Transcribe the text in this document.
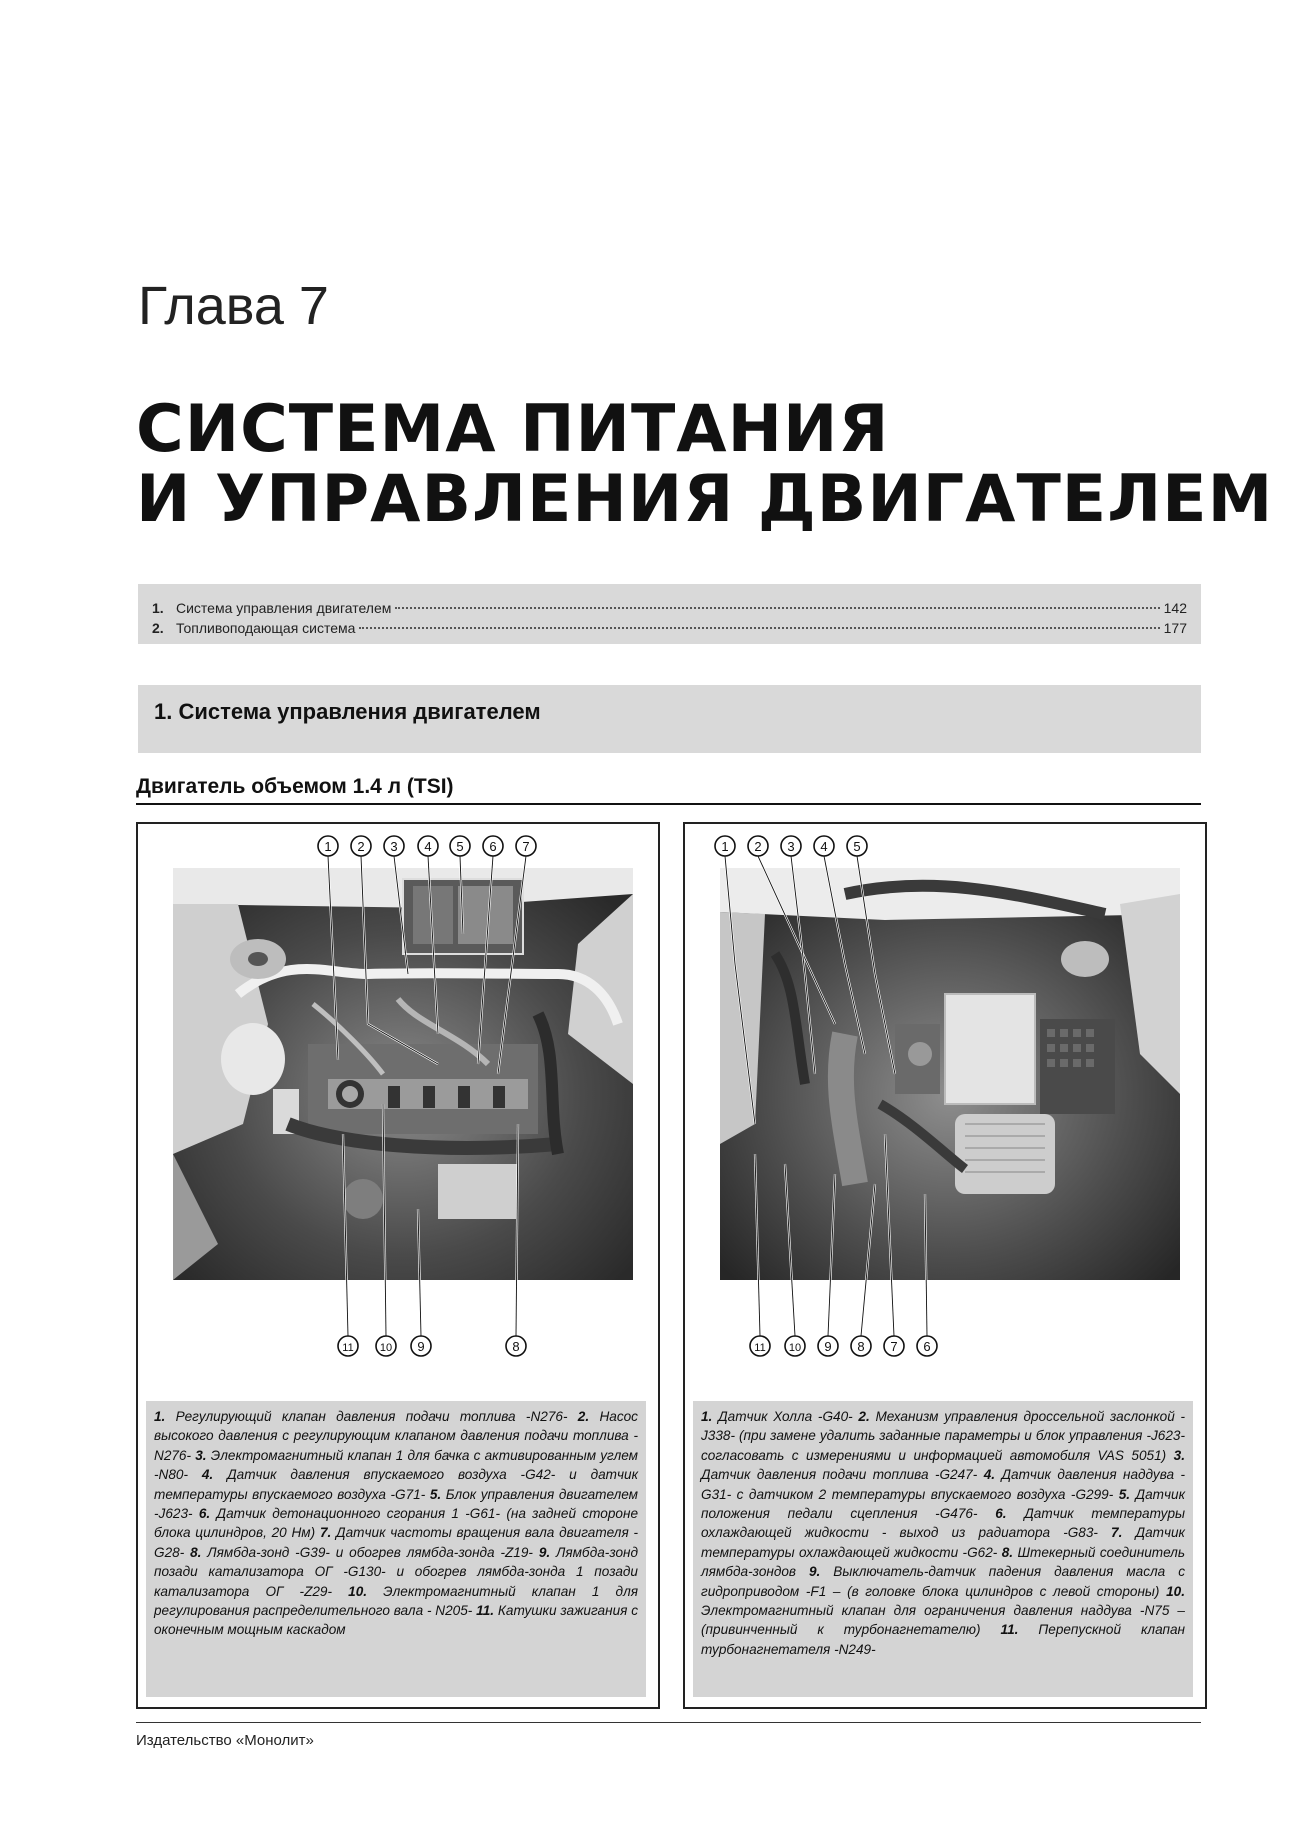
Глава 7
СИСТЕМА ПИТАНИЯ
И УПРАВЛЕНИЯ ДВИГАТЕЛЕМ
1. Система управления двигателем	142
2. Топливоподающая система	177
1. Система управления двигателем
Двигатель объемом 1.4 л (TSI)
1 2 3 4 5 6 7
11 10 9	8

1. Регулирующий клапан давления подачи топлива -N276- 2. Насос высокого давления с регулирующим клапаном давления подачи топлива -N276- 3. Электромагнитный клапан 1 для бачка с активированным углем -N80- 4. Датчик давления впускаемого воздуха -G42- и датчик температуры впускаемого воздуха -G71- 5. Блок управления двигателем -J623- 6. Датчик детонационного сгорания 1 -G61- (на задней стороне блока цилиндров, 20 Нм) 7. Датчик частоты вращения вала двигателя -G28- 8. Лямбда-зонд -G39- и обогрев лямбда-зонда -Z19- 9. Лямбда-зонд позади катализатора ОГ -G130- и обогрев лямбда-зонда 1 позади катализатора ОГ -Z29- 10. Электромагнитный клапан 1 для регулирования распределительного вала - N205- 11. Катушки зажигания с оконечным мощным каскадом

1 2 3 4 5
11 10 9 8 7 6

1. Датчик Холла -G40- 2. Механизм управления дроссельной заслонкой -J338- (при замене удалить заданные параметры и блок управления -J623- согласовать с измерениями и информацией автомобиля VAS 5051) 3. Датчик давления подачи топлива -G247- 4. Датчик давления наддува -G31- с датчиком 2 температуры впускаемого воздуха -G299- 5. Датчик положения педали сцепления -G476- 6. Датчик температуры охлаждающей жидкости - выход из радиатора -G83- 7. Датчик температуры охлаждающей жидкости -G62- 8. Штекерный соединитель лямбда-зондов 9. Выключатель-датчик падения давления масла с гидроприводом -F1 – (в головке блока цилиндров с левой стороны) 10. Электромагнитный клапан для ограничения давления наддува -N75 – (привинченный к турбонагнетателю) 11. Перепускной клапан турбонагнетателя -N249-

Издательство «Монолит»
